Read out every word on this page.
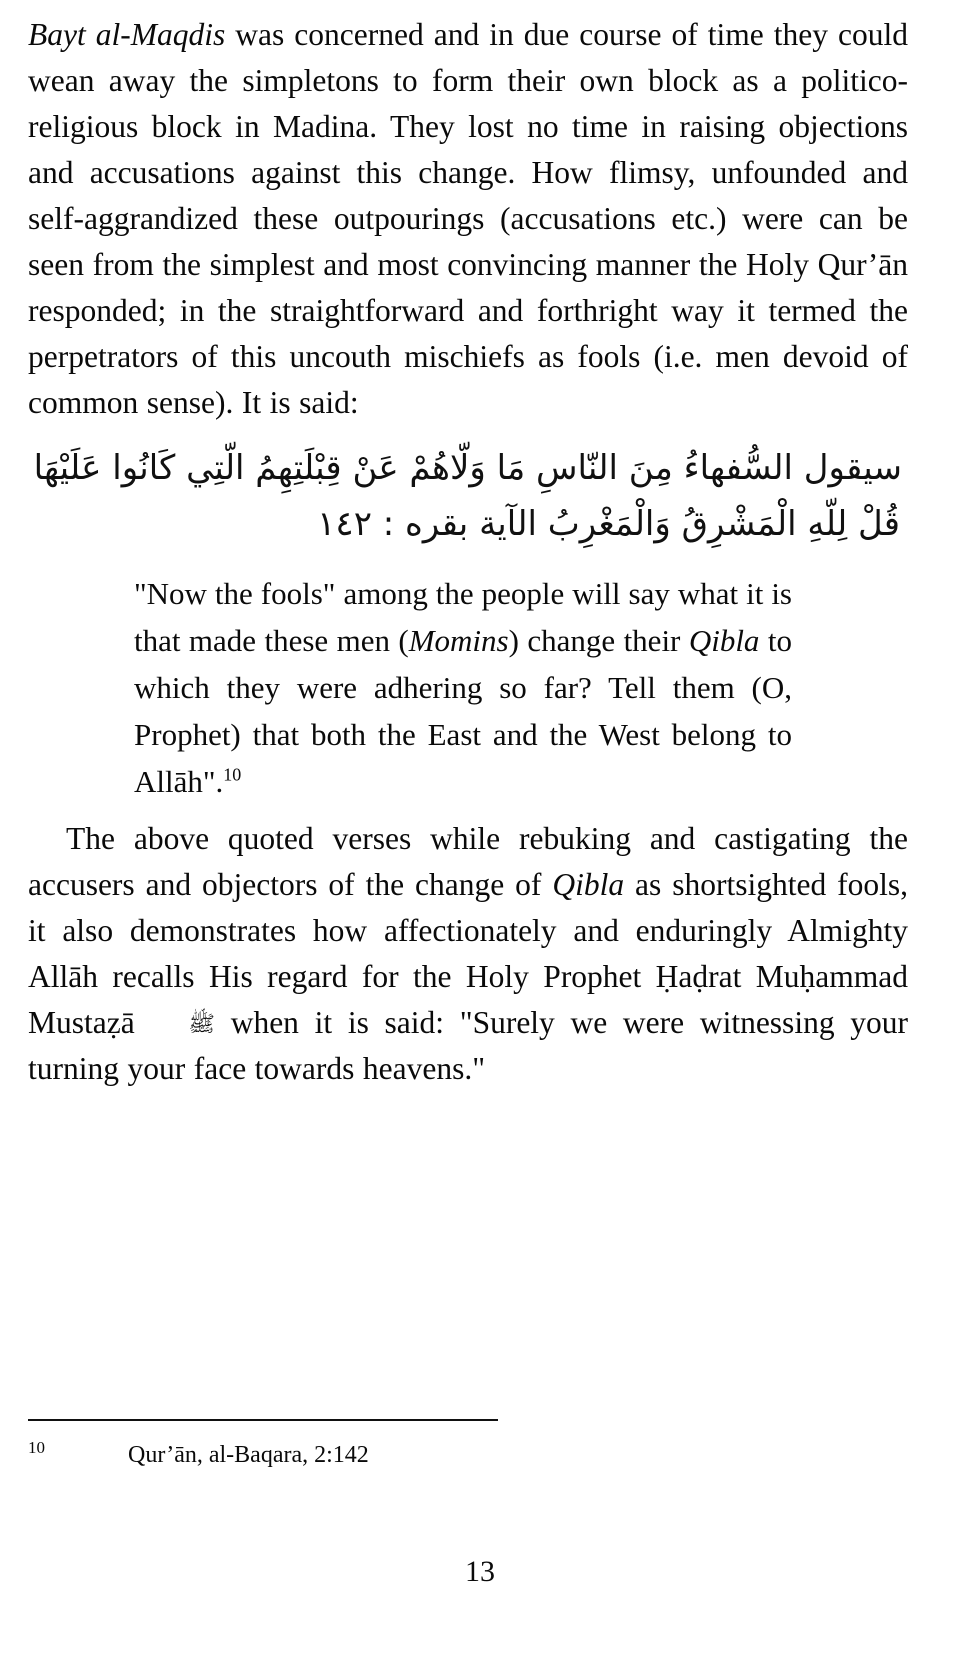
Bayt al-Maqdis was concerned and in due course of time they could wean away the simpletons to form their own block as a politico-religious block in Madina. They lost no time in raising objections and accusations against this change. How flimsy, unfounded and self-aggrandized these outpourings (accusations etc.) were can be seen from the simplest and most convincing manner the Holy Qur’ān responded; in the straightforward and forthright way it termed the perpetrators of this uncouth mischiefs as fools (i.e. men devoid of common sense). It is said:

سيقول السُّفهاءُ مِنَ النّاسِ مَا وَلّاهُمْ عَنْ قِبْلَتِهِمُ الّتِي كَانُوا عَلَيْهَا
قُلْ لِلّهِ الْمَشْرِقُ وَالْمَغْرِبُ الآية بقره : ١٤٢

"Now the fools" among the people will say what it is that made these men (Momins) change their Qibla to which they were adhering so far? Tell them (O, Prophet) that both the East and the West belong to Allāh".$^{10}$

The above quoted verses while rebuking and castigating the accusers and objectors of the change of Qibla as shortsighted fools, it also demonstrates how affectionately and enduringly Almighty Allāh recalls His regard for the Holy Prophet Ḥaḍrat Muḥammad Mustaẓā ﷺ when it is said: "Surely we were witnessing your turning your face towards heavens."

10	Qur’ān, al-Baqara, 2:142
13
